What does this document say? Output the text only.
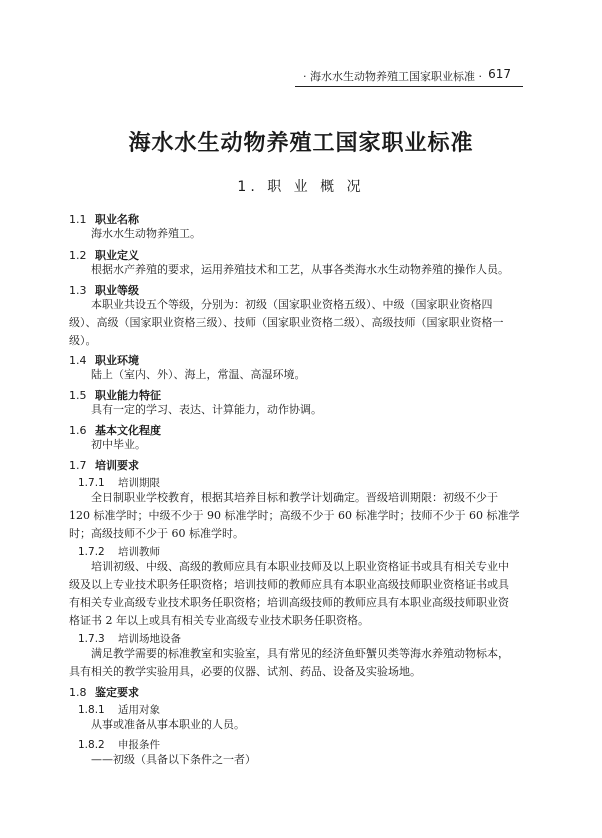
· 海水水生动物养殖工国家职业标准 · 617
海水水生动物养殖工国家职业标准
1. 职 业 概 况
1.1 职业名称
海水水生动物养殖工。
1.2 职业定义
根据水产养殖的要求，运用养殖技术和工艺，从事各类海水水生动物养殖的操作人员。
1.3 职业等级
本职业共设五个等级，分别为：初级（国家职业资格五级）、中级（国家职业资格四
级）、高级（国家职业资格三级）、技师（国家职业资格二级）、高级技师（国家职业资格一
级）。
1.4 职业环境
陆上（室内、外）、海上，常温、高湿环境。
1.5 职业能力特征
具有一定的学习、表达、计算能力，动作协调。
1.6 基本文化程度
初中毕业。
1.7 培训要求
1.7.1 培训期限
全日制职业学校教育，根据其培养目标和教学计划确定。晋级培训期限：初级不少于
120 标准学时；中级不少于 90 标准学时；高级不少于 60 标准学时；技师不少于 60 标准学
时；高级技师不少于 60 标准学时。
1.7.2 培训教师
培训初级、中级、高级的教师应具有本职业技师及以上职业资格证书或具有相关专业中
级及以上专业技术职务任职资格；培训技师的教师应具有本职业高级技师职业资格证书或具
有相关专业高级专业技术职务任职资格；培训高级技师的教师应具有本职业高级技师职业资
格证书 2 年以上或具有相关专业高级专业技术职务任职资格。
1.7.3 培训场地设备
满足教学需要的标准教室和实验室，具有常见的经济鱼虾蟹贝类等海水养殖动物标本，
具有相关的教学实验用具，必要的仪器、试剂、药品、设备及实验场地。
1.8 鉴定要求
1.8.1 适用对象
从事或准备从事本职业的人员。
1.8.2 申报条件
——初级（具备以下条件之一者）
